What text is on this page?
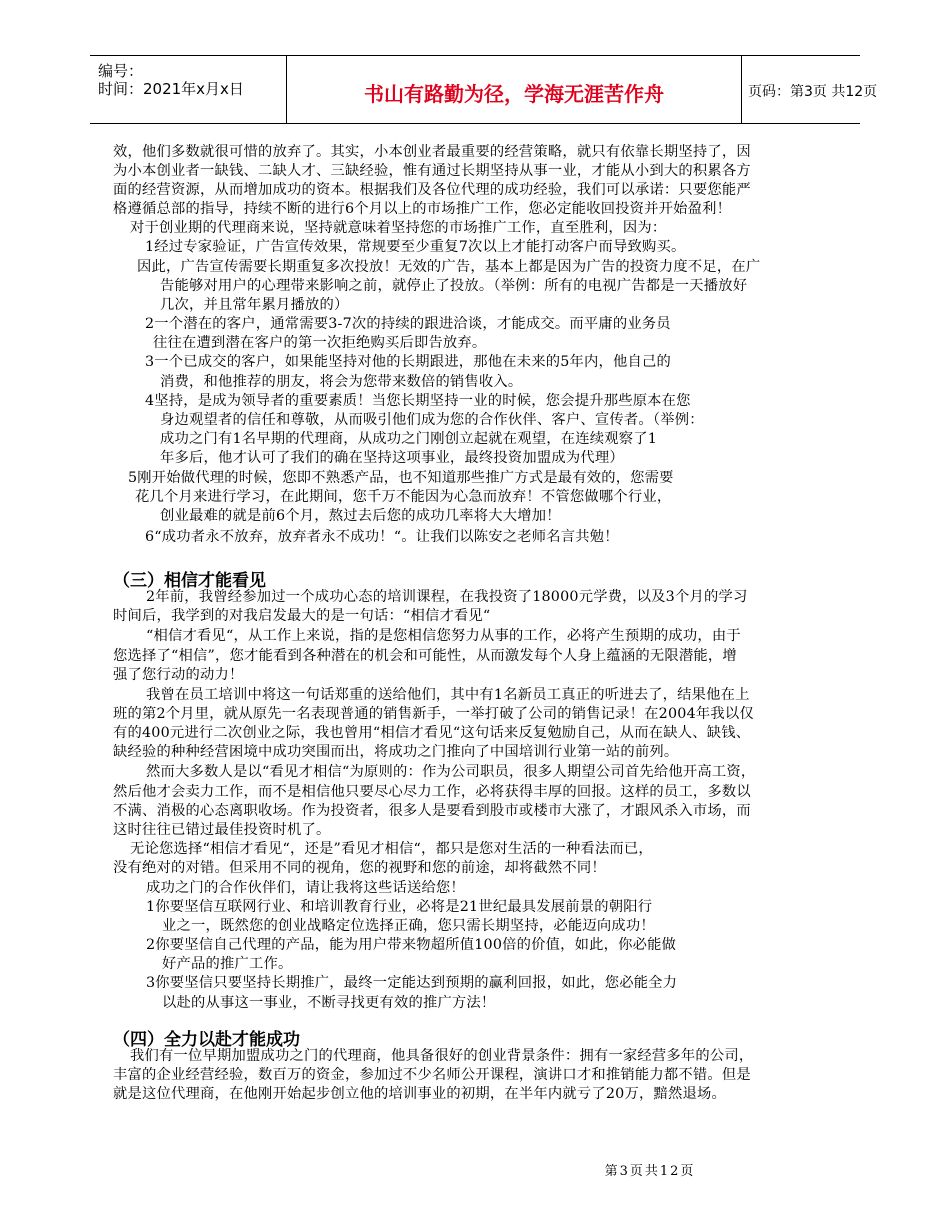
编号：
时间：2021年x月x日	书山有路勤为径，学海无涯苦作舟	页码：第3页 共12页
效，他们多数就很可惜的放弃了。其实，小本创业者最重要的经营策略，就只有依靠长期坚持了，因
为小本创业者一缺钱、二缺人才、三缺经验，惟有通过长期坚持从事一业，才能从小到大的积累各方
面的经营资源，从而增加成功的资本。根据我们及各位代理的成功经验，我们可以承诺：只要您能严
格遵循总部的指导，持续不断的进行6个月以上的市场推广工作，您必定能收回投资并开始盈利！
对于创业期的代理商来说，坚持就意味着坚持您的市场推广工作，直至胜利，因为：
1经过专家验证，广告宣传效果，常规要至少重复7次以上才能打动客户而导致购买。
因此，广告宣传需要长期重复多次投放！无效的广告，基本上都是因为广告的投资力度不足，在广
告能够对用户的心理带来影响之前，就停止了投放。（举例：所有的电视广告都是一天播放好
几次，并且常年累月播放的）
2一个潜在的客户，通常需要3-7次的持续的跟进洽谈，才能成交。而平庸的业务员
往往在遭到潜在客户的第一次拒绝购买后即告放弃。
3一个已成交的客户，如果能坚持对他的长期跟进，那他在未来的5年内，他自己的
消费，和他推荐的朋友，将会为您带来数倍的销售收入。
4坚持，是成为领导者的重要素质！当您长期坚持一业的时候，您会提升那些原本在您
身边观望者的信任和尊敬，从而吸引他们成为您的合作伙伴、客户、宣传者。（举例：
成功之门有1名早期的代理商，从成功之门刚创立起就在观望，在连续观察了1
年多后，他才认可了我们的确在坚持这项事业，最终投资加盟成为代理）
5刚开始做代理的时候，您即不熟悉产品，也不知道那些推广方式是最有效的，您需要
花几个月来进行学习，在此期间，您千万不能因为心急而放弃！不管您做哪个行业，
创业最难的就是前6个月，熬过去后您的成功几率将大大增加！
6“成功者永不放弃，放弃者永不成功！“。让我们以陈安之老师名言共勉！
（三）相信才能看见
2年前，我曾经参加过一个成功心态的培训课程，在我投资了18000元学费，以及3个月的学习
时间后，我学到的对我启发最大的是一句话：“相信才看见“
“相信才看见“，从工作上来说，指的是您相信您努力从事的工作，必将产生预期的成功，由于
您选择了“相信”，您才能看到各种潜在的机会和可能性，从而激发每个人身上蕴涵的无限潜能，增
强了您行动的动力！
我曾在员工培训中将这一句话郑重的送给他们，其中有1名新员工真正的听进去了，结果他在上
班的第2个月里，就从原先一名表现普通的销售新手，一举打破了公司的销售记录！在2004年我以仅
有的400元进行二次创业之际，我也曾用“相信才看见“这句话来反复勉励自己，从而在缺人、缺钱、
缺经验的种种经营困境中成功突围而出，将成功之门推向了中国培训行业第一站的前列。
然而大多数人是以“看见才相信“为原则的：作为公司职员，很多人期望公司首先给他开高工资，
然后他才会卖力工作，而不是相信他只要尽心尽力工作，必将获得丰厚的回报。这样的员工，多数以
不满、消极的心态离职收场。作为投资者，很多人是要看到股市或楼市大涨了，才跟风杀入市场，而
这时往往已错过最佳投资时机了。
无论您选择“相信才看见“，还是”看见才相信“，都只是您对生活的一种看法而已，
没有绝对的对错。但采用不同的视角，您的视野和您的前途，却将截然不同！
成功之门的合作伙伴们，请让我将这些话送给您！
1你要坚信互联网行业、和培训教育行业，必将是21世纪最具发展前景的朝阳行
业之一，既然您的创业战略定位选择正确，您只需长期坚持，必能迈向成功！
2你要坚信自己代理的产品，能为用户带来物超所值100倍的价值，如此，你必能做
好产品的推广工作。
3你要坚信只要坚持长期推广，最终一定能达到预期的赢利回报，如此，您必能全力
以赴的从事这一事业，不断寻找更有效的推广方法！
（四）全力以赴才能成功
我们有一位早期加盟成功之门的代理商，他具备很好的创业背景条件：拥有一家经营多年的公司，
丰富的企业经营经验，数百万的资金，参加过不少名师公开课程，演讲口才和推销能力都不错。但是
就是这位代理商，在他刚开始起步创立他的培训事业的初期，在半年内就亏了20万，黯然退场。
第3页共12页
